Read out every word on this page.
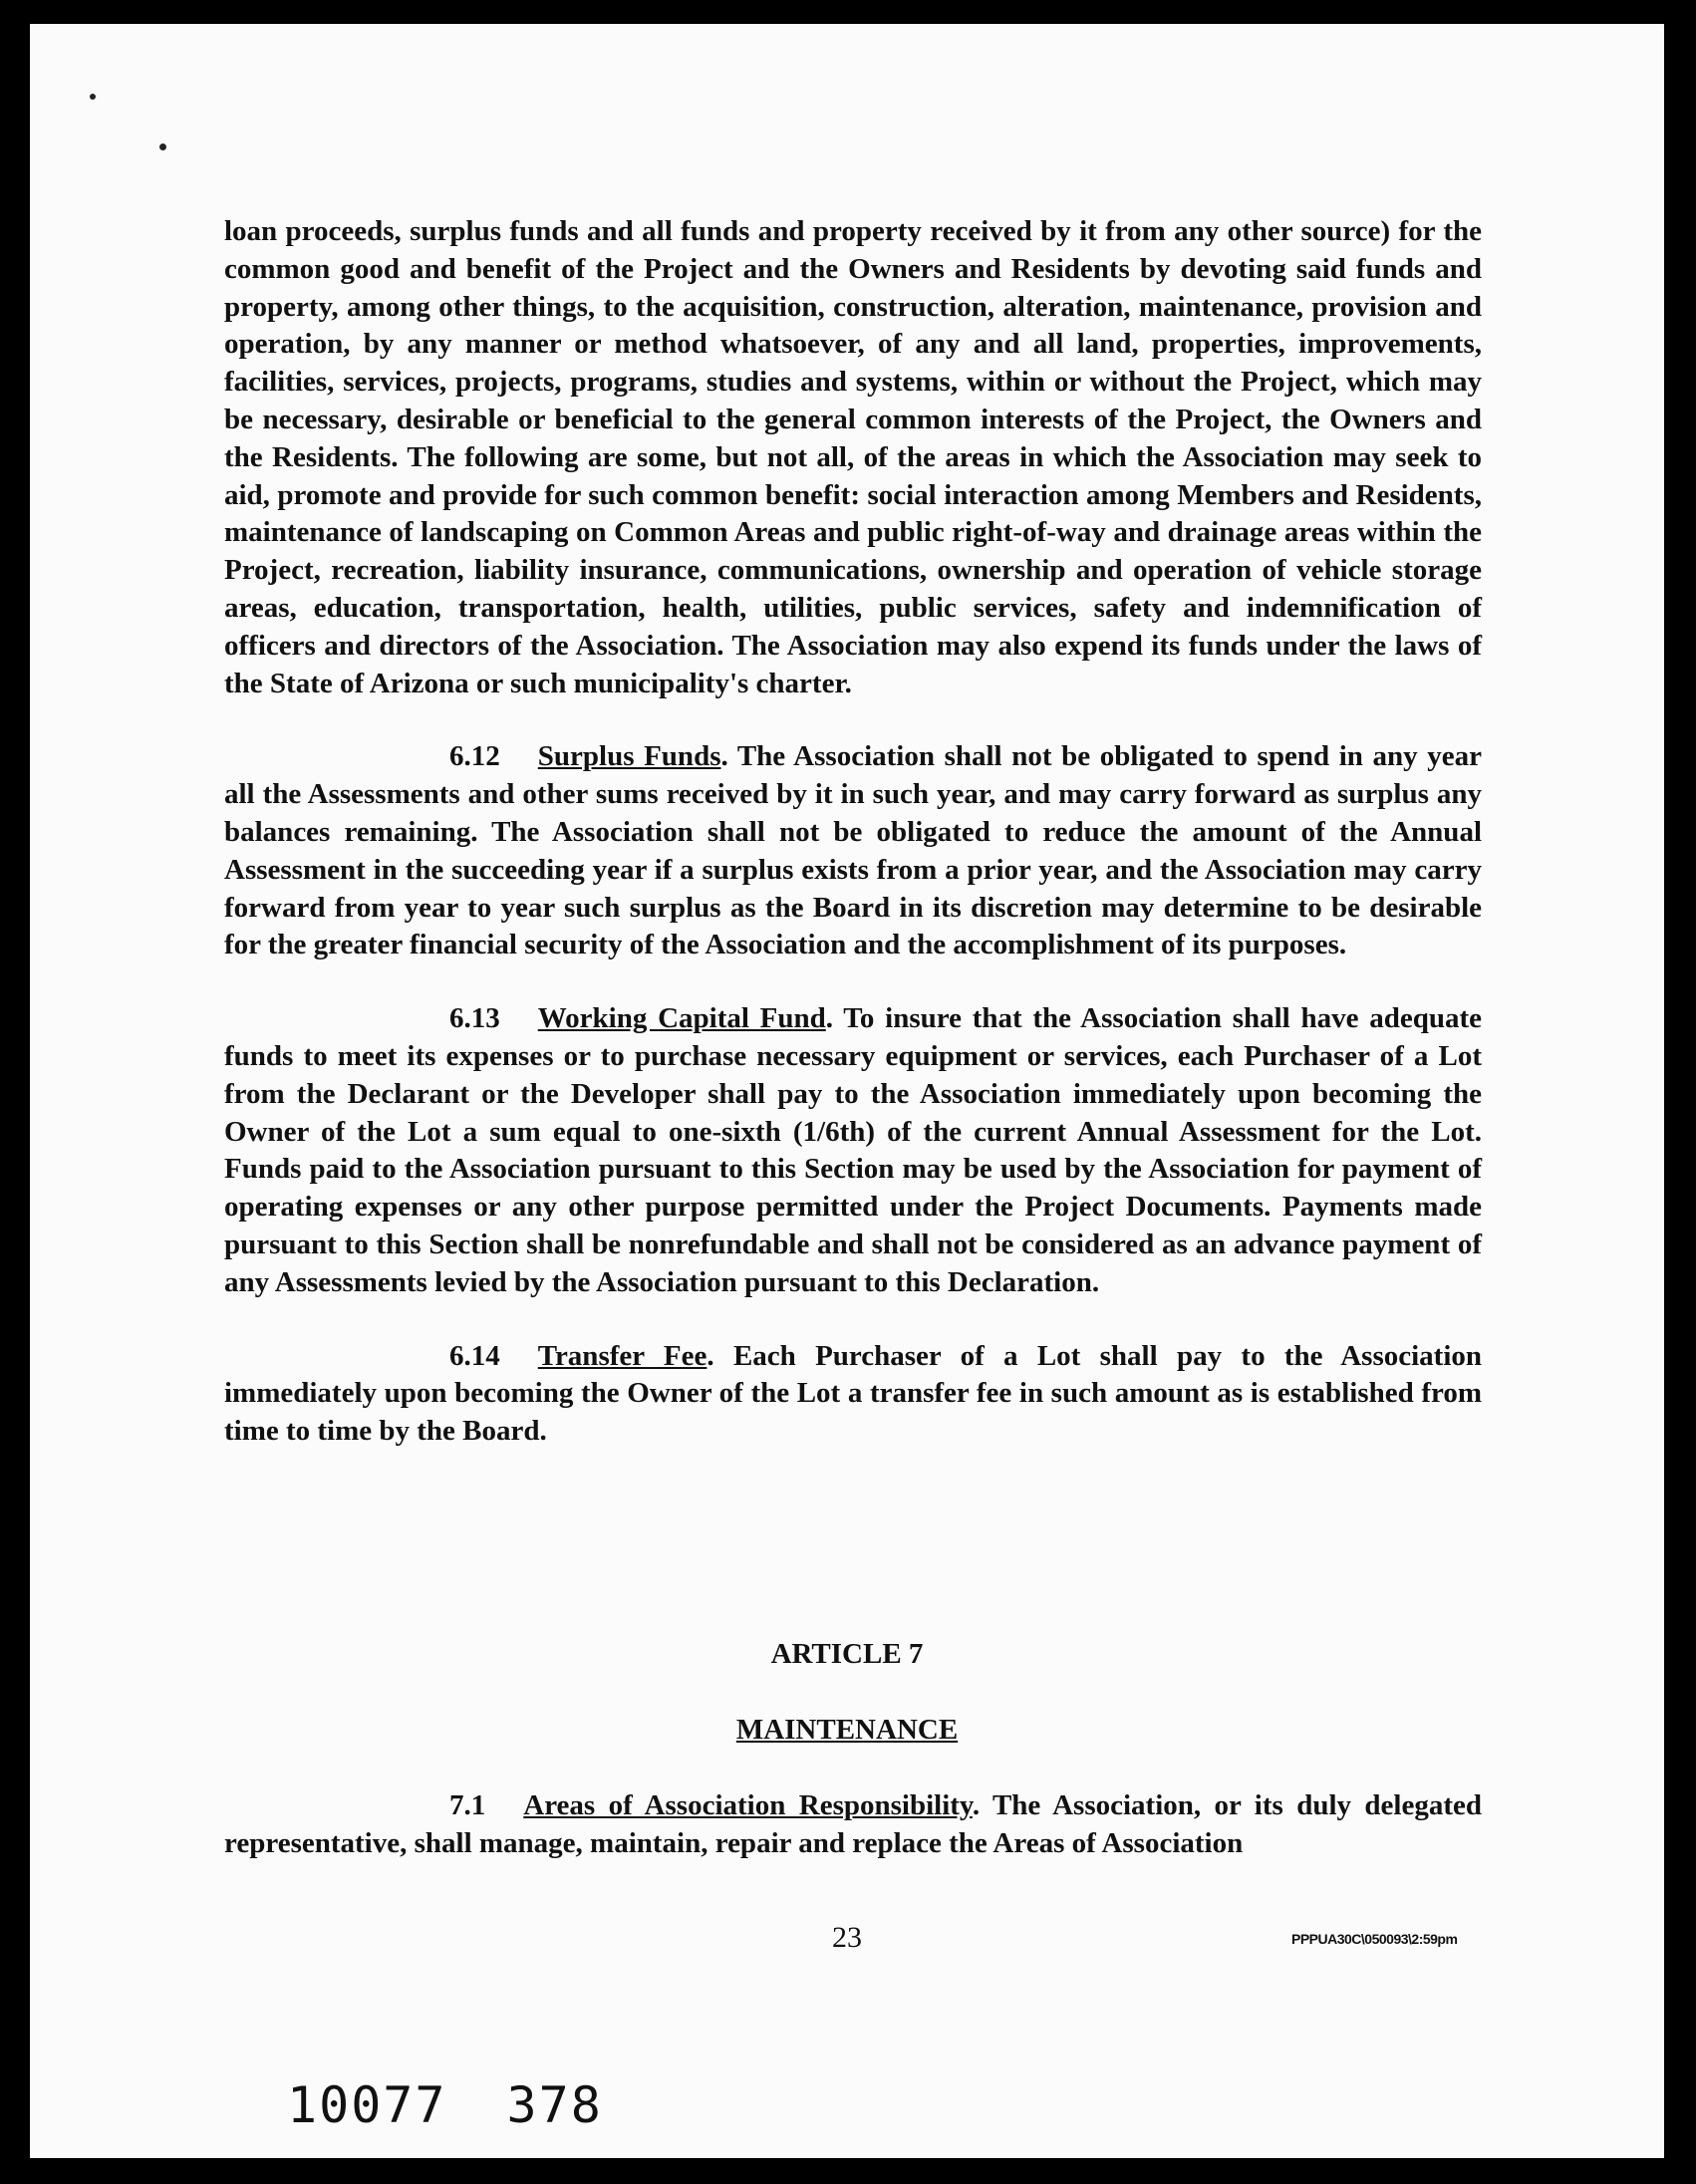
loan proceeds, surplus funds and all funds and property received by it from any other source) for the common good and benefit of the Project and the Owners and Residents by devoting said funds and property, among other things, to the acquisition, construction, alteration, maintenance, provision and operation, by any manner or method whatsoever, of any and all land, properties, improvements, facilities, services, projects, programs, studies and systems, within or without the Project, which may be necessary, desirable or beneficial to the general common interests of the Project, the Owners and the Residents. The following are some, but not all, of the areas in which the Association may seek to aid, promote and provide for such common benefit: social interaction among Members and Residents, maintenance of landscaping on Common Areas and public right-of-way and drainage areas within the Project, recreation, liability insurance, communications, ownership and operation of vehicle storage areas, education, transportation, health, utilities, public services, safety and indemnification of officers and directors of the Association. The Association may also expend its funds under the laws of the State of Arizona or such municipality's charter.

6.12 Surplus Funds. The Association shall not be obligated to spend in any year all the Assessments and other sums received by it in such year, and may carry forward as surplus any balances remaining. The Association shall not be obligated to reduce the amount of the Annual Assessment in the succeeding year if a surplus exists from a prior year, and the Association may carry forward from year to year such surplus as the Board in its discretion may determine to be desirable for the greater financial security of the Association and the accomplishment of its purposes.

6.13 Working Capital Fund. To insure that the Association shall have adequate funds to meet its expenses or to purchase necessary equipment or services, each Purchaser of a Lot from the Declarant or the Developer shall pay to the Association immediately upon becoming the Owner of the Lot a sum equal to one-sixth (1/6th) of the current Annual Assessment for the Lot. Funds paid to the Association pursuant to this Section may be used by the Association for payment of operating expenses or any other purpose permitted under the Project Documents. Payments made pursuant to this Section shall be nonrefundable and shall not be considered as an advance payment of any Assessments levied by the Association pursuant to this Declaration.

6.14 Transfer Fee. Each Purchaser of a Lot shall pay to the Association immediately upon becoming the Owner of the Lot a transfer fee in such amount as is established from time to time by the Board.

ARTICLE 7
MAINTENANCE

7.1 Areas of Association Responsibility. The Association, or its duly delegated representative, shall manage, maintain, repair and replace the Areas of Association

23	PPPUA30C\050093\2:59pm
10077 378
